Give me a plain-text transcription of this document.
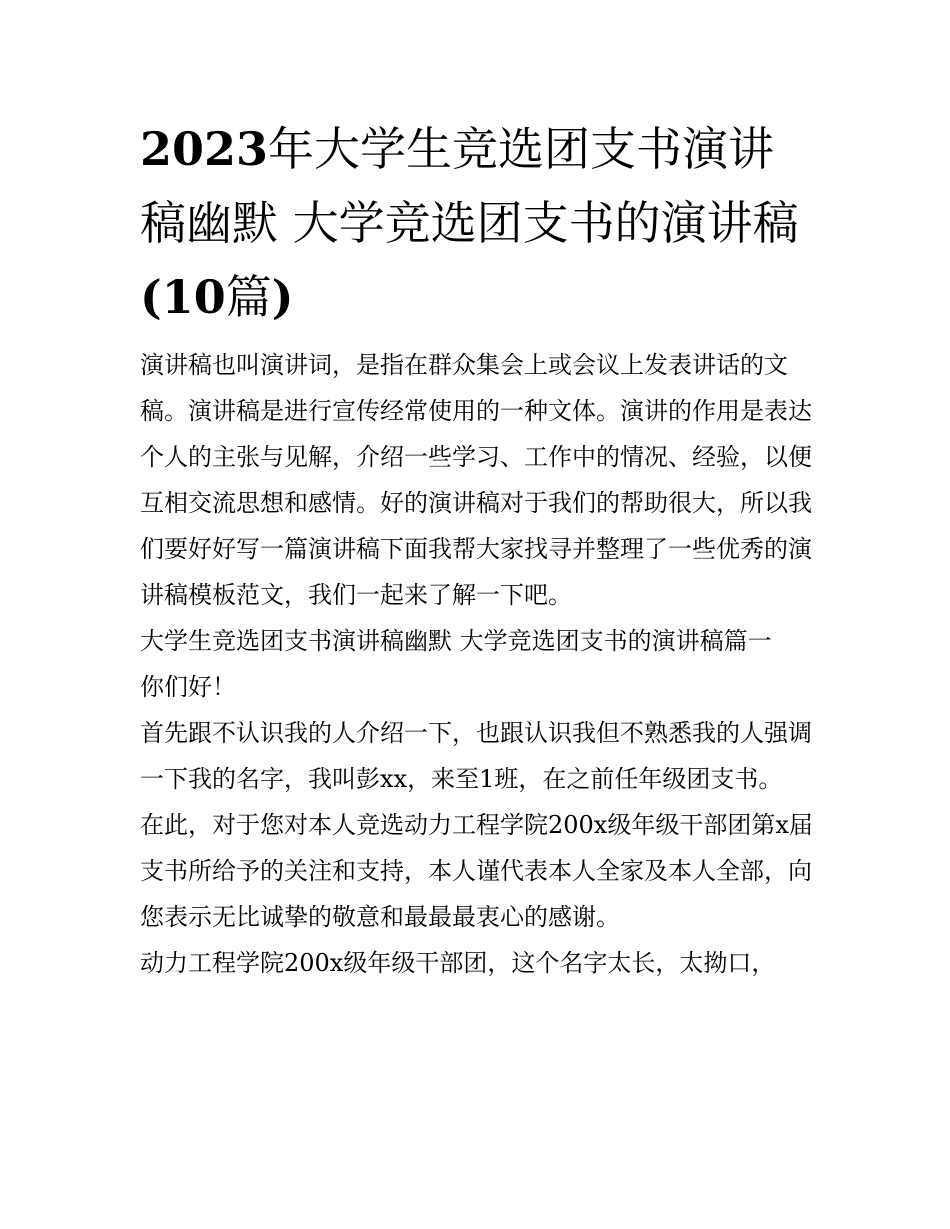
2023年大学生竞选团支书演讲稿幽默 大学竞选团支书的演讲稿(10篇)

演讲稿也叫演讲词，是指在群众集会上或会议上发表讲话的文稿。演讲稿是进行宣传经常使用的一种文体。演讲的作用是表达个人的主张与见解，介绍一些学习、工作中的情况、经验，以便互相交流思想和感情。好的演讲稿对于我们的帮助很大，所以我们要好好写一篇演讲稿下面我帮大家找寻并整理了一些优秀的演讲稿模板范文，我们一起来了解一下吧。

大学生竞选团支书演讲稿幽默 大学竞选团支书的演讲稿篇一

你们好！

首先跟不认识我的人介绍一下，也跟认识我但不熟悉我的人强调一下我的名字，我叫彭xx，来至1班，在之前任年级团支书。

在此，对于您对本人竞选动力工程学院200x级年级干部团第x届支书所给予的关注和支持，本人谨代表本人全家及本人全部，向您表示无比诚挚的敬意和最最最衷心的感谢。

动力工程学院200x级年级干部团，这个名字太长，太拗口，
